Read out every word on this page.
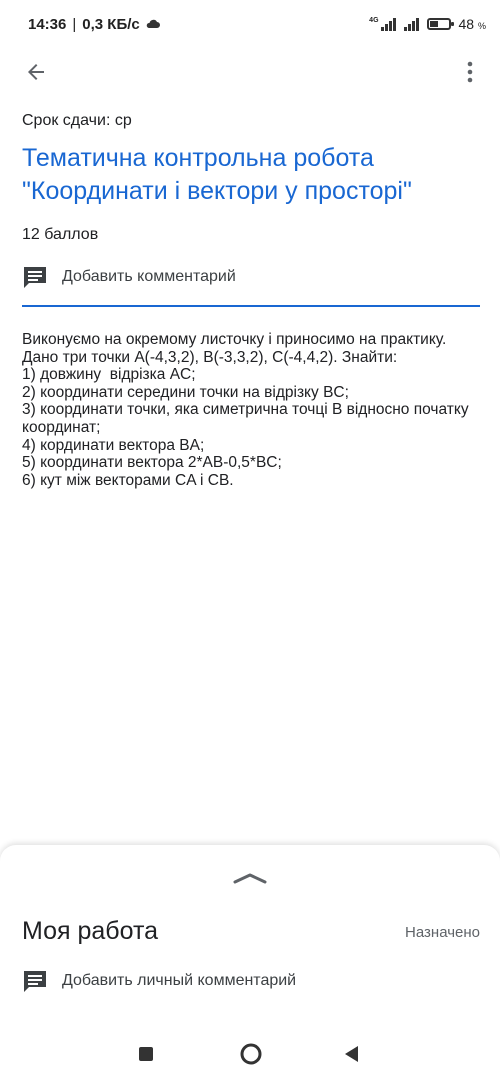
14:36 | 0,3 КБ/с	4G	48 %
Срок сдачи: ср
Тематична контрольна робота "Координати і вектори у просторі"
12 баллов
Добавить комментарий
Виконуємо на окремому листочку і приносимо на практику.
Дано три точки A(-4,3,2), B(-3,3,2), C(-4,4,2). Знайти:
1) довжину  відрізка AC;
2) координати середини точки на відрізку BC;
3) координати точки, яка симетрична точці B відносно початку координат;
4) кординати вектора BA;
5) координати вектора 2*AB-0,5*BC;
6) кут між векторами CA і CB.
Моя работа	Назначено
Добавить личный комментарий
